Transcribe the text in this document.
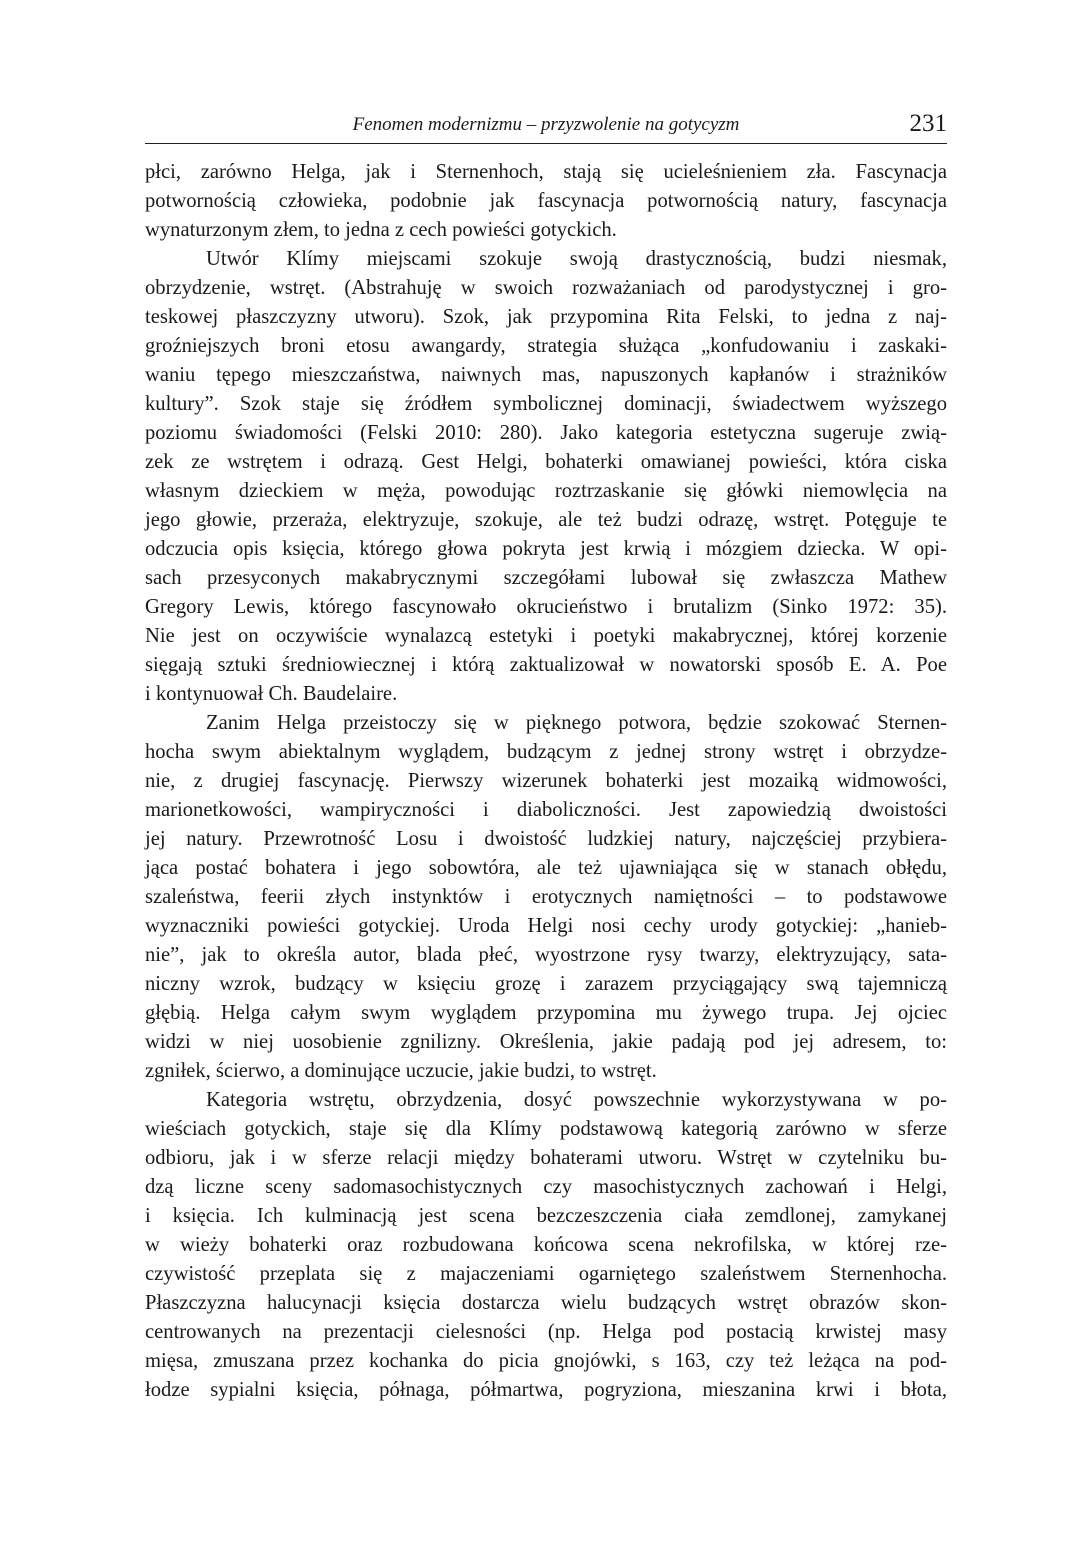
Fenomen modernizmu – przyzwolenie na gotycyzm	231
płci, zarówno Helga, jak i Sternenhoch, stają się ucieleśnieniem zła. Fascynacja
potwornością człowieka, podobnie jak fascynacja potwornością natury, fascynacja
wynaturzonym złem, to jedna z cech powieści gotyckich.
Utwór Klímy miejscami szokuje swoją drastycznością, budzi niesmak,
obrzydzenie, wstręt. (Abstrahuję w swoich rozważaniach od parodystycznej i gro-
teskowej płaszczyzny utworu). Szok, jak przypomina Rita Felski, to jedna z naj-
groźniejszych broni etosu awangardy, strategia służąca „konfudowaniu i zaskaki-
waniu tępego mieszczaństwa, naiwnych mas, napuszonych kapłanów i strażników
kultury”. Szok staje się źródłem symbolicznej dominacji, świadectwem wyższego
poziomu świadomości (Felski 2010: 280). Jako kategoria estetyczna sugeruje zwią-
zek ze wstrętem i odrazą. Gest Helgi, bohaterki omawianej powieści, która ciska
własnym dzieckiem w męża, powodując roztrzaskanie się główki niemowlęcia na
jego głowie, przeraża, elektryzuje, szokuje, ale też budzi odrazę, wstręt. Potęguje te
odczucia opis księcia, którego głowa pokryta jest krwią i mózgiem dziecka. W opi-
sach przesyconych makabrycznymi szczegółami lubował się zwłaszcza Mathew
Gregory Lewis, którego fascynowało okrucieństwo i brutalizm (Sinko 1972: 35).
Nie jest on oczywiście wynalazcą estetyki i poetyki makabrycznej, której korzenie
sięgają sztuki średniowiecznej i którą zaktualizował w nowatorski sposób E. A. Poe
i kontynuował Ch. Baudelaire.
Zanim Helga przeistoczy się w pięknego potwora, będzie szokować Sternen-
hocha swym abiektalnym wyglądem, budzącym z jednej strony wstręt i obrzydze-
nie, z drugiej fascynację. Pierwszy wizerunek bohaterki jest mozaiką widmowości,
marionetkowości, wampiryczności i diaboliczności. Jest zapowiedzią dwoistości
jej natury. Przewrotność Losu i dwoistość ludzkiej natury, najczęściej przybiera-
jąca postać bohatera i jego sobowtóra, ale też ujawniająca się w stanach obłędu,
szaleństwa, feerii złych instynktów i erotycznych namiętności – to podstawowe
wyznaczniki powieści gotyckiej. Uroda Helgi nosi cechy urody gotyckiej: „hanieb-
nie”, jak to określa autor, blada płeć, wyostrzone rysy twarzy, elektryzujący, sata-
niczny wzrok, budzący w księciu grozę i zarazem przyciągający swą tajemniczą
głębią. Helga całym swym wyglądem przypomina mu żywego trupa. Jej ojciec
widzi w niej uosobienie zgnilizny. Określenia, jakie padają pod jej adresem, to:
zgniłek, ścierwo, a dominujące uczucie, jakie budzi, to wstręt.
Kategoria wstrętu, obrzydzenia, dosyć powszechnie wykorzystywana w po-
wieściach gotyckich, staje się dla Klímy podstawową kategorią zarówno w sferze
odbioru, jak i w sferze relacji między bohaterami utworu. Wstręt w czytelniku bu-
dzą liczne sceny sadomasochistycznych czy masochistycznych zachowań i Helgi,
i księcia. Ich kulminacją jest scena bezczeszczenia ciała zemdlonej, zamykanej
w wieży bohaterki oraz rozbudowana końcowa scena nekrofilska, w której rze-
czywistość przeplata się z majaczeniami ogarniętego szaleństwem Sternenhocha.
Płaszczyzna halucynacji księcia dostarcza wielu budzących wstręt obrazów skon-
centrowanych na prezentacji cielesności (np. Helga pod postacią krwistej masy
mięsa, zmuszana przez kochanka do picia gnojówki, s 163, czy też leżąca na pod-
łodze sypialni księcia, półnaga, półmartwa, pogryziona, mieszanina krwi i błota,
